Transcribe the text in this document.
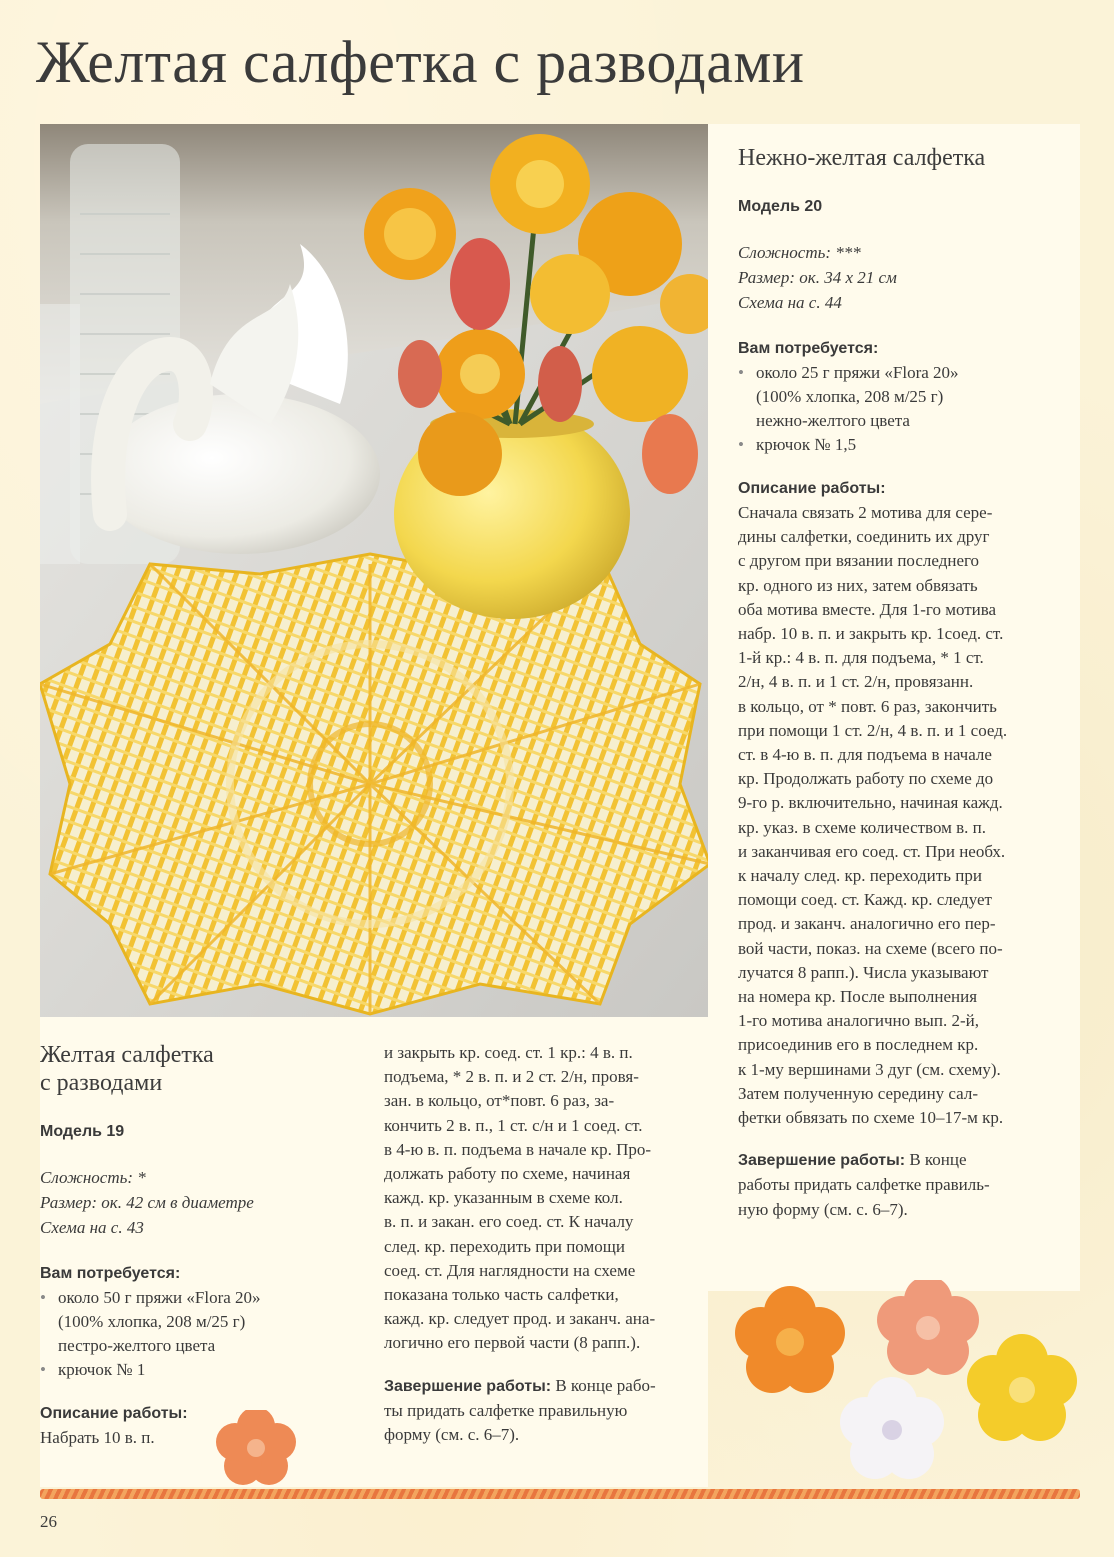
Желтая салфетка с разводами
Нежно-желтая салфетка
Модель 20
Сложность: ***
Размер: ок. 34 х 21 см
Схема на с. 44
Вам потребуется:
• около 25 г пряжи «Flora 20»
(100% хлопка, 208 м/25 г)
нежно-желтого цвета
• крючок № 1,5
Описание работы:
Сначала связать 2 мотива для сере-
дины салфетки, соединить их друг
с другом при вязании последнего
кр. одного из них, затем обвязать
оба мотива вместе. Для 1-го мотива
набр. 10 в. п. и закрыть кр. 1соед. ст.
1-й кр.: 4 в. п. для подъема, * 1 ст.
2/н, 4 в. п. и 1 ст. 2/н, провязанн.
в кольцо, от * повт. 6 раз, закончить
при помощи 1 ст. 2/н, 4 в. п. и 1 соед.
ст. в 4-ю в. п. для подъема в начале
кр. Продолжать работу по схеме до
9-го р. включительно, начиная кажд.
кр. указ. в схеме количеством в. п.
и заканчивая его соед. ст. При необх.
к началу след. кр. переходить при
помощи соед. ст. Кажд. кр. следует
прод. и заканч. аналогично его пер-
вой части, показ. на схеме (всего по-
лучатся 8 рапп.). Числа указывают
на номера кр. После выполнения
1-го мотива аналогично вып. 2-й,
присоединив его в последнем кр.
к 1-му вершинами 3 дуг (см. схему).
Затем полученную середину сал-
фетки обвязать по схеме 10–17-м кр.
Завершение работы: В конце
работы придать салфетке правиль-
ную форму (см. с. 6–7).
Желтая салфетка
с разводами
Модель 19
Сложность: *
Размер: ок. 42 см в диаметре
Схема на с. 43
Вам потребуется:
• около 50 г пряжи «Flora 20»
(100% хлопка, 208 м/25 г)
пестро-желтого цвета
• крючок № 1
Описание работы:
Набрать 10 в. п.
и закрыть кр. соед. ст. 1 кр.: 4 в. п.
подъема, * 2 в. п. и 2 ст. 2/н, провя-
зан. в кольцо, от*повт. 6 раз, за-
кончить 2 в. п., 1 ст. с/н и 1 соед. ст.
в 4-ю в. п. подъема в начале кр. Про-
должать работу по схеме, начиная
кажд. кр. указанным в схеме кол.
в. п. и закан. его соед. ст. К началу
след. кр. переходить при помощи
соед. ст. Для наглядности на схеме
показана только часть салфетки,
кажд. кр. следует прод. и заканч. ана-
логично его первой части (8 рапп.).
Завершение работы: В конце рабо-
ты придать салфетке правильную
форму (см. с. 6–7).
26
